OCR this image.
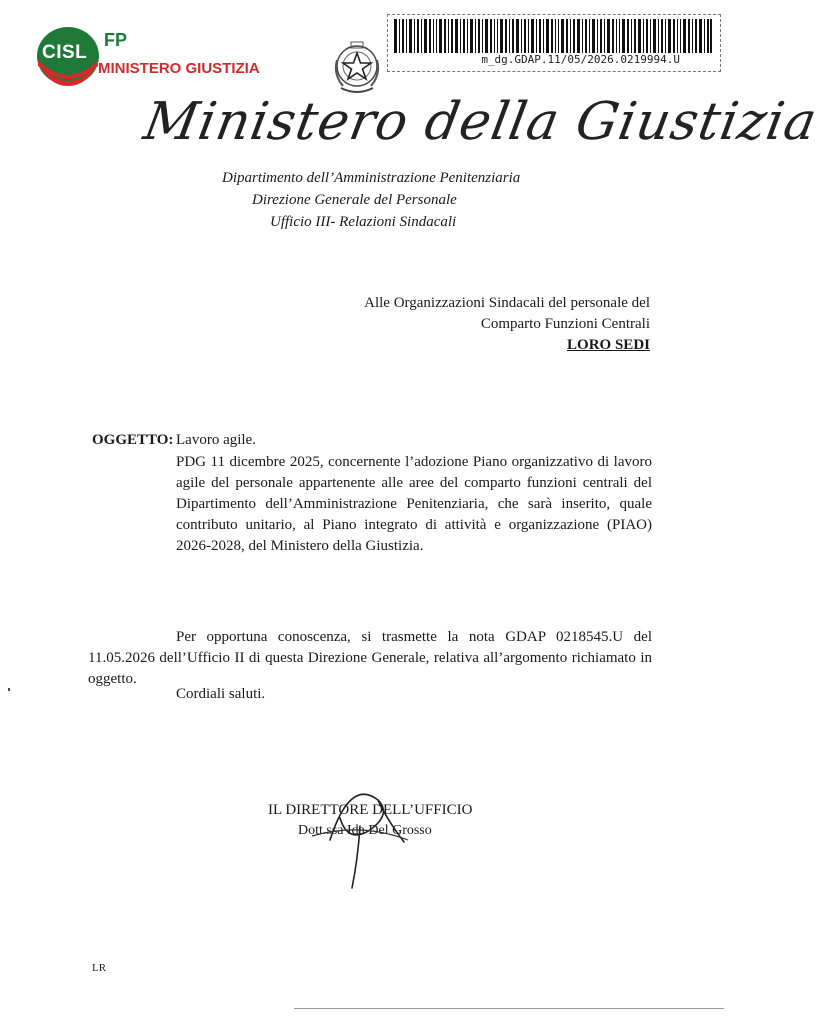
CISL
FP
MINISTERO GIUSTIZIA
m_dg.GDAP.11/05/2026.0219994.U
Ministero della Giustizia
Dipartimento dell’Amministrazione Penitenziaria
Direzione Generale del Personale
Ufficio III- Relazioni Sindacali
Alle Organizzazioni Sindacali del personale del
Comparto Funzioni Centrali
LORO SEDI
OGGETTO: Lavoro agile.
PDG 11 dicembre 2025, concernente l’adozione Piano organizzativo di lavoro agile del personale appartenente alle aree del comparto funzioni centrali del Dipartimento dell’Amministrazione Penitenziaria, che sarà inserito, quale contributo unitario, al Piano integrato di attività e organizzazione (PIAO) 2026-2028, del Ministero della Giustizia.
Per opportuna conoscenza, si trasmette la nota GDAP 0218545.U del 11.05.2026 dell’Ufficio II di questa Direzione Generale, relativa all’argomento richiamato in oggetto.
Cordiali saluti.
IL DIRETTORE DELL’UFFICIO
Dott.ssa Ida Del Grosso
LR
